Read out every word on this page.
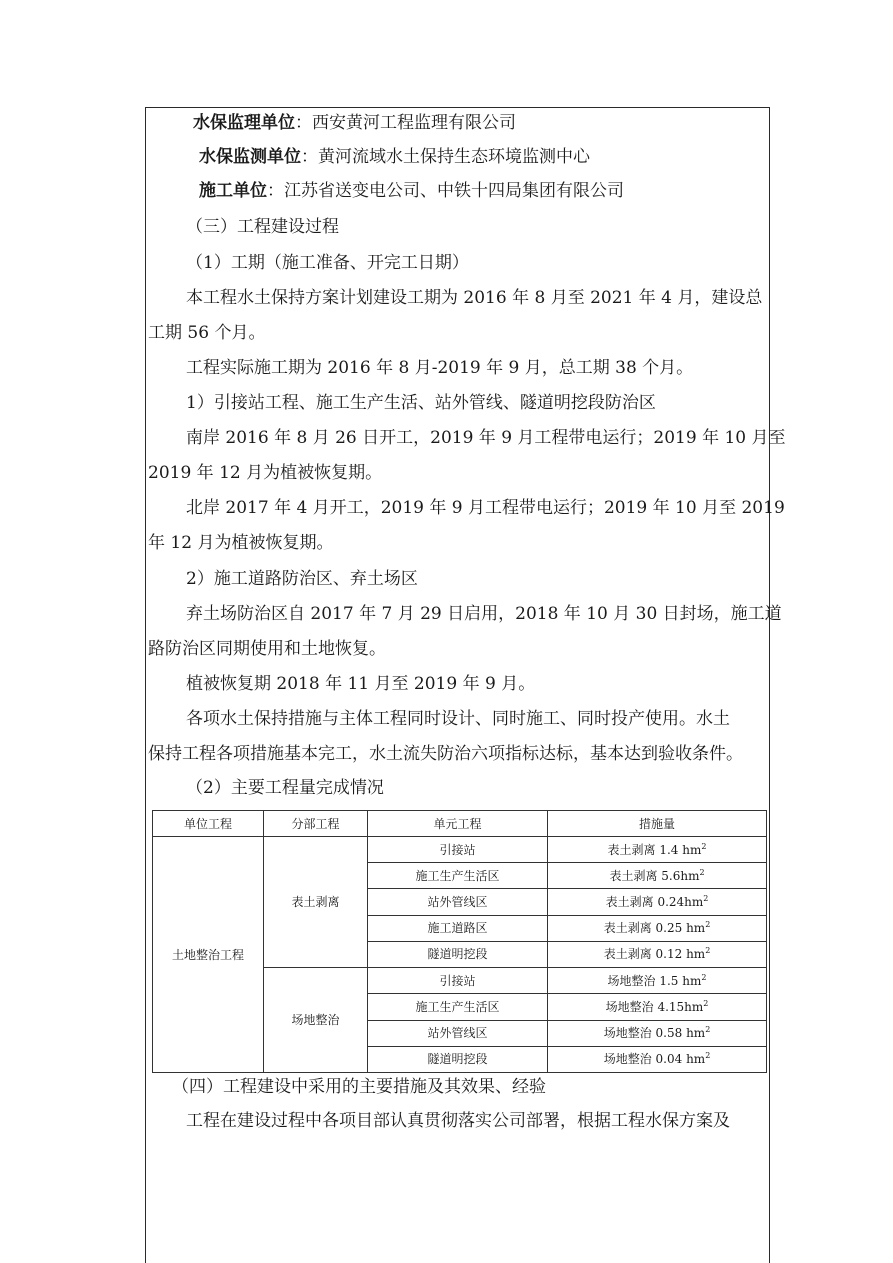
水保监理单位：西安黄河工程监理有限公司
水保监测单位：黄河流域水土保持生态环境监测中心
施工单位：江苏省送变电公司、中铁十四局集团有限公司
（三）工程建设过程
（1）工期（施工准备、开完工日期）
本工程水土保持方案计划建设工期为 2016 年 8 月至 2021 年 4 月，建设总
工期 56 个月。
工程实际施工期为 2016 年 8 月-2019 年 9 月，总工期 38 个月。
1）引接站工程、施工生产生活、站外管线、隧道明挖段防治区
南岸 2016 年 8 月 26 日开工，2019 年 9 月工程带电运行；2019 年 10 月至
2019 年 12 月为植被恢复期。
北岸 2017 年 4 月开工，2019 年 9 月工程带电运行；2019 年 10 月至 2019
年 12 月为植被恢复期。
2）施工道路防治区、弃土场区
弃土场防治区自 2017 年 7 月 29 日启用，2018 年 10 月 30 日封场，施工道
路防治区同期使用和土地恢复。
植被恢复期 2018 年 11 月至 2019 年 9 月。
各项水土保持措施与主体工程同时设计、同时施工、同时投产使用。水土
保持工程各项措施基本完工，水土流失防治六项指标达标，基本达到验收条件。
（2）主要工程量完成情况
单位工程	分部工程	单元工程	措施量
土地整治工程	表土剥离	引接站	表土剥离 1.4 $hm^2$
		施工生产生活区	表土剥离 $5.6hm^2$
		站外管线区	表土剥离 $0.24hm^2$
		施工道路区	表土剥离 0.25 $hm^2$
		隧道明挖段	表土剥离 0.12 $hm^2$
	场地整治	引接站	场地整治 1.5 $hm^2$
		施工生产生活区	场地整治 $4.15hm^2$
		站外管线区	场地整治 0.58 $hm^2$
		隧道明挖段	场地整治 0.04 $hm^2$
（四）工程建设中采用的主要措施及其效果、经验
工程在建设过程中各项目部认真贯彻落实公司部署，根据工程水保方案及
